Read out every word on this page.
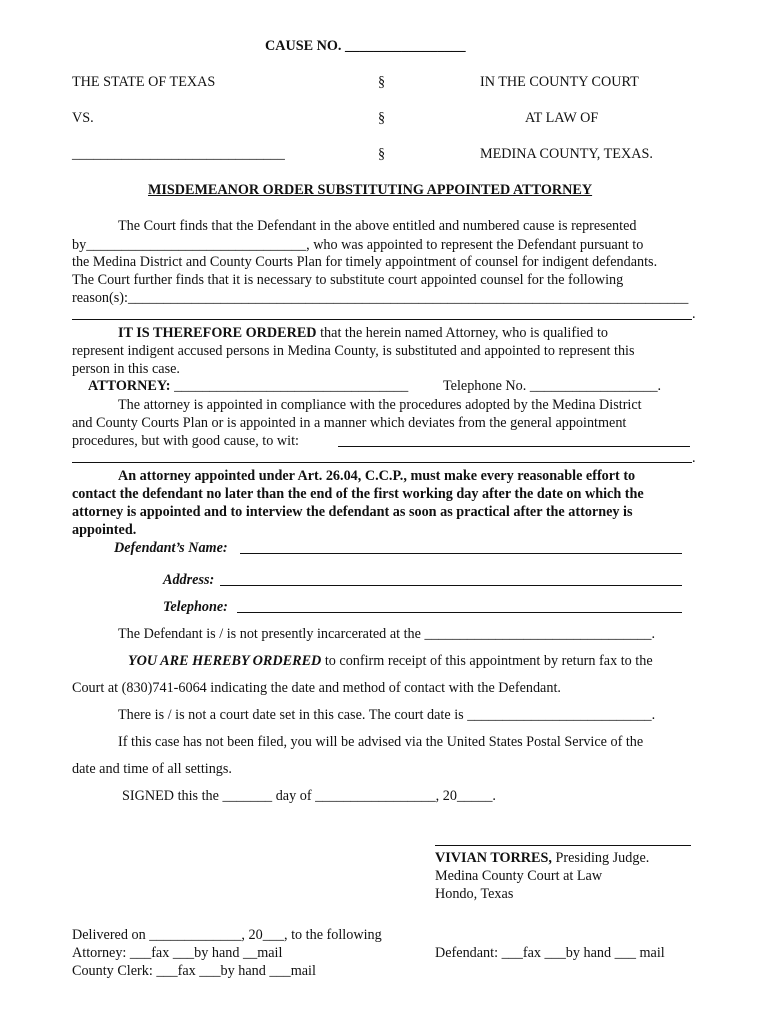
CAUSE NO. _________________
THE STATE OF TEXAS
VS.
______________________________
§
§
§
IN THE COUNTY COURT
AT LAW OF
MEDINA COUNTY, TEXAS.
MISDEMEANOR ORDER SUBSTITUTING APPOINTED ATTORNEY
The Court finds that the Defendant in the above entitled and numbered cause is represented
by_______________________________, who was appointed to represent the Defendant pursuant to
the Medina District and County Courts Plan for timely appointment of counsel for indigent defendants.
The Court further finds that it is necessary to substitute court appointed counsel for the following
reason(s):_______________________________________________________________________________
.
IT IS THEREFORE ORDERED that the herein named Attorney, who is qualified to
represent indigent accused persons in Medina County, is substituted and appointed to represent this
person in this case.
ATTORNEY: _________________________________ Telephone No. __________________.
The attorney is appointed in compliance with the procedures adopted by the Medina District
and County Courts Plan or is appointed in a manner which deviates from the general appointment
procedures, but with good cause, to wit:
.
An attorney appointed under Art. 26.04, C.C.P., must make every reasonable effort to
contact the defendant no later than the end of the first working day after the date on which the
attorney is appointed and to interview the defendant as soon as practical after the attorney is
appointed.
Defendant’s Name:
Address:
Telephone:
The Defendant is / is not presently incarcerated at the ________________________________.
YOU ARE HEREBY ORDERED to confirm receipt of this appointment by return fax to the
Court at (830)741-6064 indicating the date and method of contact with the Defendant.
There is / is not a court date set in this case. The court date is __________________________.
If this case has not been filed, you will be advised via the United States Postal Service of the
date and time of all settings.
SIGNED this the _______ day of _________________, 20_____.
VIVIAN TORRES, Presiding Judge.
Medina County Court at Law
Hondo, Texas
Delivered on _____________, 20___, to the following
Attorney: ___fax ___by hand __mail	Defendant: ___fax ___by hand ___ mail
County Clerk: ___fax ___by hand ___mail
